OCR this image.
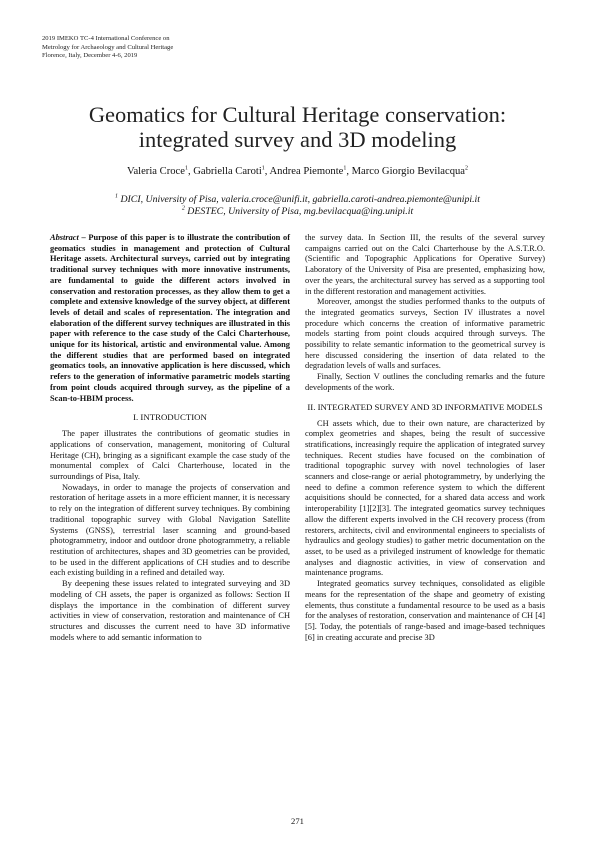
2019 IMEKO TC-4 International Conference on
Metrology for Archaeology and Cultural Heritage
Florence, Italy, December 4-6, 2019
Geomatics for Cultural Heritage conservation:
integrated survey and 3D modeling
Valeria Croce$^1$, Gabriella Caroti$^1$, Andrea Piemonte$^1$, Marco Giorgio Bevilacqua$^2$
$^1$ DICI, University of Pisa, valeria.croce@unifi.it, gabriella.caroti-andrea.piemonte@unipi.it
$^2$ DESTEC, University of Pisa, mg.bevilacqua@ing.unipi.it

Abstract – Purpose of this paper is to illustrate the contribution of geomatics studies in management and protection of Cultural Heritage assets. Architectural surveys, carried out by integrating traditional survey techniques with more innovative instruments, are fundamental to guide the different actors involved in conservation and restoration processes, as they allow them to get a complete and extensive knowledge of the survey object, at different levels of detail and scales of representation. The integration and elaboration of the different survey techniques are illustrated in this paper with reference to the case study of the Calci Charterhouse, unique for its historical, artistic and environmental value. Among the different studies that are performed based on integrated geomatics tools, an innovative application is here discussed, which refers to the generation of informative parametric models starting from point clouds acquired through survey, as the pipeline of a Scan-to-HBIM process.

I. INTRODUCTION

The paper illustrates the contributions of geomatic studies in applications of conservation, management, monitoring of Cultural Heritage (CH), bringing as a significant example the case study of the monumental complex of Calci Charterhouse, located in the surroundings of Pisa, Italy.

Nowadays, in order to manage the projects of conservation and restoration of heritage assets in a more efficient manner, it is necessary to rely on the integration of different survey techniques. By combining traditional topographic survey with Global Navigation Satellite Systems (GNSS), terrestrial laser scanning and ground-based photogrammetry, indoor and outdoor drone photogrammetry, a reliable restitution of architectures, shapes and 3D geometries can be provided, to be used in the different applications of CH studies and to describe each existing building in a refined and detailed way.

By deepening these issues related to integrated surveying and 3D modeling of CH assets, the paper is organized as follows: Section II displays the importance in the combination of different survey activities in view of conservation, restoration and maintenance of CH structures and discusses the current need to have 3D informative models where to add semantic information to

the survey data. In Section III, the results of the several survey campaigns carried out on the Calci Charterhouse by the A.S.T.R.O. (Scientific and Topographic Applications for Operative Survey) Laboratory of the University of Pisa are presented, emphasizing how, over the years, the architectural survey has served as a supporting tool in the different restoration and management activities.

Moreover, amongst the studies performed thanks to the outputs of the integrated geomatics surveys, Section IV illustrates a novel procedure which concerns the creation of informative parametric models starting from point clouds acquired through surveys. The possibility to relate semantic information to the geometrical survey is here discussed considering the insertion of data related to the degradation levels of walls and surfaces.

Finally, Section V outlines the concluding remarks and the future developments of the work.

II. INTEGRATED SURVEY AND 3D INFORMATIVE MODELS

CH assets which, due to their own nature, are characterized by complex geometries and shapes, being the result of successive stratifications, increasingly require the application of integrated survey techniques. Recent studies have focused on the combination of traditional topographic survey with novel technologies of laser scanners and close-range or aerial photogrammetry, by underlying the need to define a common reference system to which the different acquisitions should be connected, for a shared data access and work interoperability [1][2][3]. The integrated geomatics survey techniques allow the different experts involved in the CH recovery process (from restorers, architects, civil and environmental engineers to specialists of hydraulics and geology studies) to gather metric documentation on the asset, to be used as a privileged instrument of knowledge for thematic analyses and diagnostic activities, in view of conservation and maintenance programs.

Integrated geomatics survey techniques, consolidated as eligible means for the representation of the shape and geometry of existing elements, thus constitute a fundamental resource to be used as a basis for the analyses of restoration, conservation and maintenance of CH [4][5]. Today, the potentials of range-based and image-based techniques [6] in creating accurate and precise 3D

271
